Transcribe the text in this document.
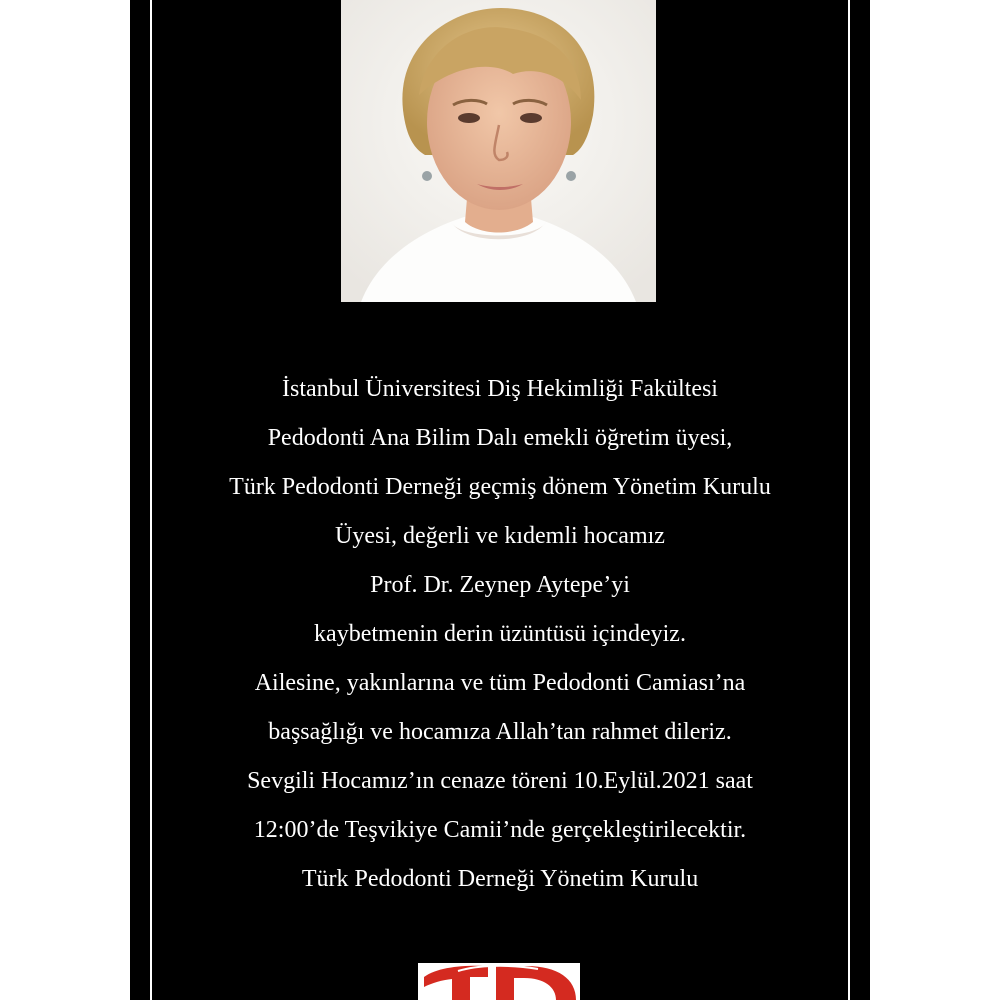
İstanbul Üniversitesi Diş Hekimliği Fakültesi
Pedodonti Ana Bilim Dalı emekli öğretim üyesi,
Türk Pedodonti Derneği geçmiş dönem Yönetim Kurulu
Üyesi, değerli ve kıdemli hocamız
Prof. Dr. Zeynep Aytepe’yi
kaybetmenin derin üzüntüsü içindeyiz.
Ailesine, yakınlarına ve tüm Pedodonti Camiası’na
başsağlığı ve hocamıza Allah’tan rahmet dileriz.
Sevgili Hocamız’ın cenaze töreni 10.Eylül.2021 saat
12:00’de Teşvikiye Camii’nde gerçekleştirilecektir.
Türk Pedodonti Derneği Yönetim Kurulu
